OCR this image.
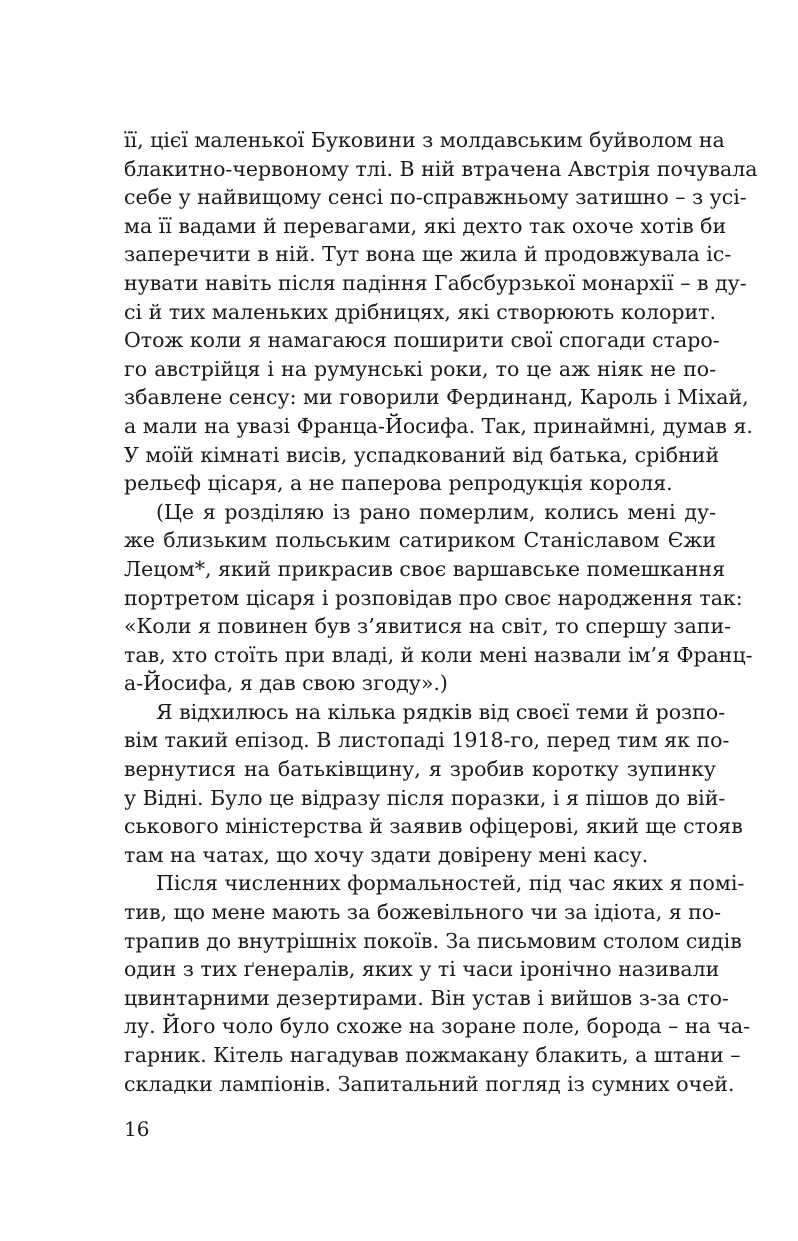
її, цієї маленької Буковини з молдавським буйволом на
блакитно-червоному тлі. В ній втрачена Австрія почувала
себе у найвищому сенсі по-справжньому затишно – з усі-
ма її вадами й перевагами, які дехто так охоче хотів би
заперечити в ній. Тут вона ще жила й продовжувала іс-
нувати навіть після падіння Габсбурзької монархії – в ду-
сі й тих маленьких дрібницях, які створюють колорит.
Отож коли я намагаюся поширити свої спогади старо-
го австрійця і на румунські роки, то це аж ніяк не по-
збавлене сенсу: ми говорили Фердинанд, Кароль і Міхай,
а мали на увазі Франца-Йосифа. Так, принаймні, думав я.
У моїй кімнаті висів, успадкований від батька, срібний
рельєф цісаря, а не паперова репродукція короля.
(Це я розділяю із рано померлим, колись мені ду-
же близьким польським сатириком Станіславом Єжи
Лецом*, який прикрасив своє варшавське помешкання
портретом цісаря і розповідав про своє народження так:
«Коли я повинен був з’явитися на світ, то спершу запи-
тав, хто стоїть при владі, й коли мені назвали ім’я Франц-
а-Йосифа, я дав свою згоду».)
Я відхилюсь на кілька рядків від своєї теми й розпо-
вім такий епізод. В листопаді 1918-го, перед тим як по-
вернутися на батьківщину, я зробив коротку зупинку
у Відні. Було це відразу після поразки, і я пішов до вій-
ськового міністерства й заявив офіцерові, який ще стояв
там на чатах, що хочу здати довірену мені касу.
Після численних формальностей, під час яких я помі-
тив, що мене мають за божевільного чи за ідіота, я по-
трапив до внутрішніх покоїв. За письмовим столом сидів
один з тих ґенералів, яких у ті часи іронічно називали
цвинтарними дезертирами. Він устав і вийшов з-за сто-
лу. Його чоло було схоже на зоране поле, борода – на ча-
гарник. Кітель нагадував пожмакану блакить, а штани –
складки лампіонів. Запитальний погляд із сумних очей.
16
